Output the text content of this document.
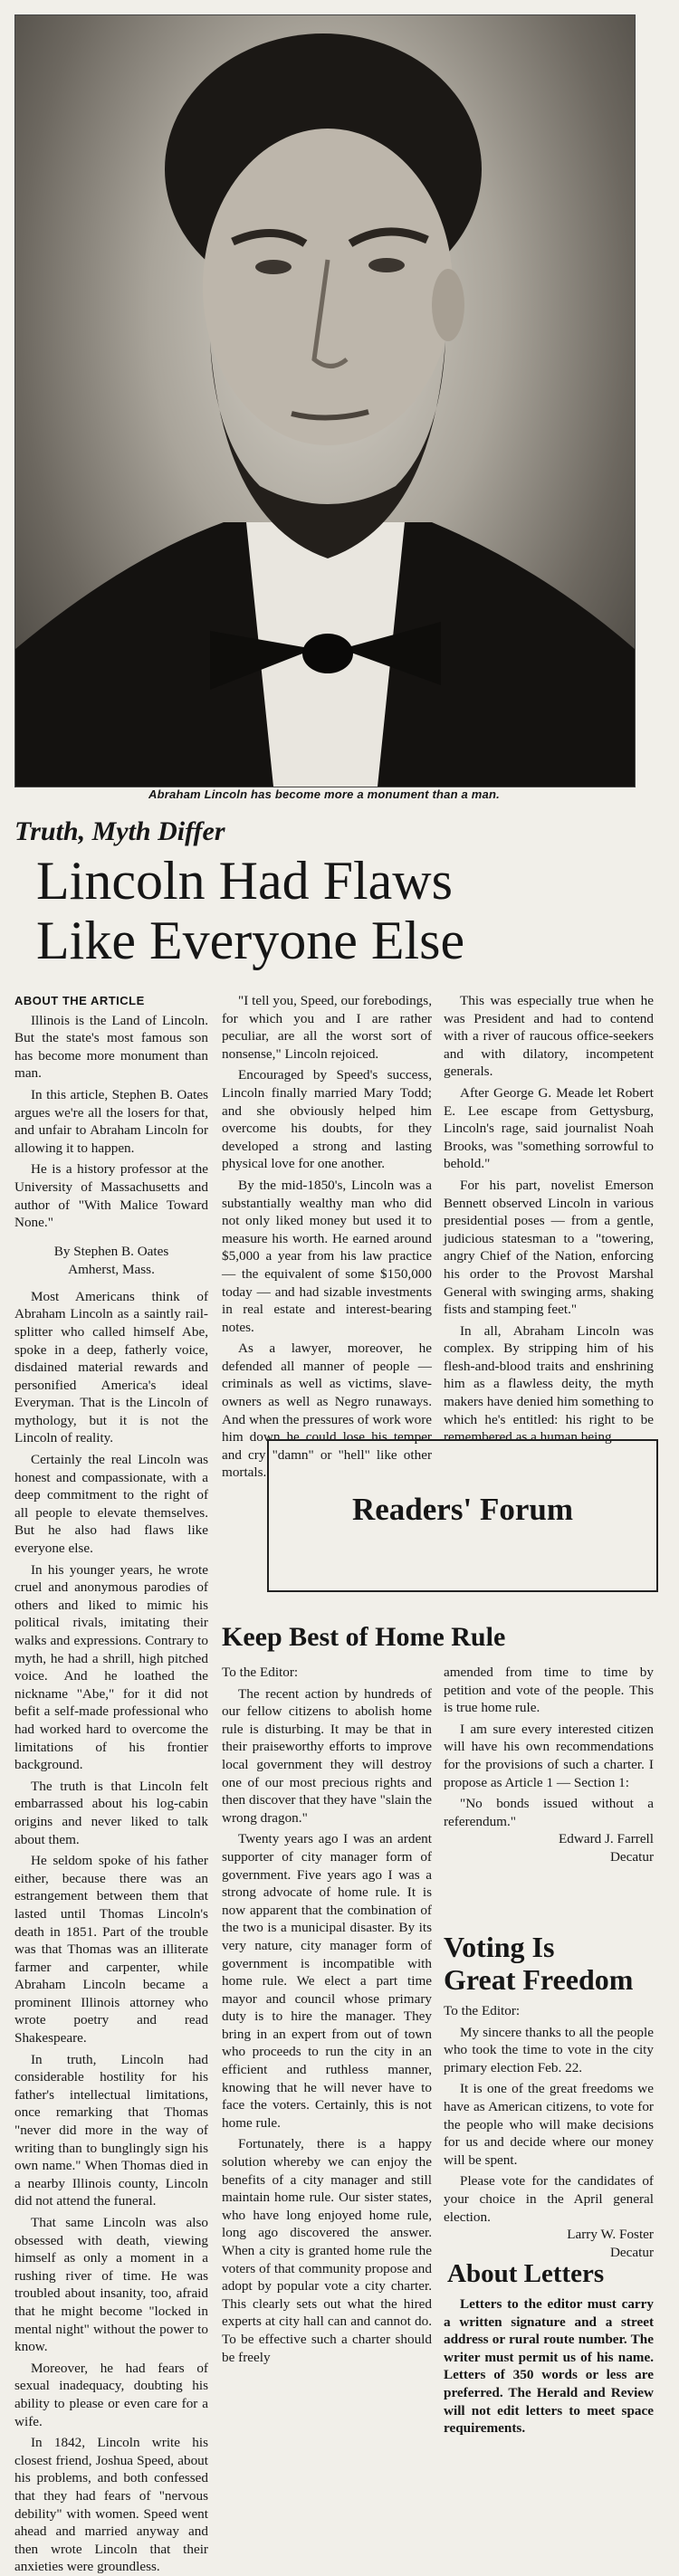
Abraham Lincoln has become more a monument than a man.
Truth, Myth Differ
Lincoln Had Flaws
Like Everyone Else
ABOUT THE ARTICLE

Illinois is the Land of Lincoln. But the state's most famous son has become more monument than man.

In this article, Stephen B. Oates argues we're all the losers for that, and unfair to Abraham Lincoln for allowing it to happen.

He is a history professor at the University of Massachusetts and author of "With Malice Toward None."

By Stephen B. Oates
Amherst, Mass.

Most Americans think of Abraham Lincoln as a saintly rail-splitter who called himself Abe, spoke in a deep, fatherly voice, disdained material rewards and personified America's ideal Everyman. That is the Lincoln of mythology, but it is not the Lincoln of reality.

Certainly the real Lincoln was honest and compassionate, with a deep commitment to the right of all people to elevate themselves. But he also had flaws like everyone else.

In his younger years, he wrote cruel and anonymous parodies of others and liked to mimic his political rivals, imitating their walks and expressions. Contrary to myth, he had a shrill, high pitched voice. And he loathed the nickname "Abe," for it did not befit a self-made professional who had worked hard to overcome the limitations of his frontier background.

The truth is that Lincoln felt embarrassed about his log-cabin origins and never liked to talk about them.

He seldom spoke of his father either, because there was an estrangement between them that lasted until Thomas Lincoln's death in 1851. Part of the trouble was that Thomas was an illiterate farmer and carpenter, while Abraham Lincoln became a prominent Illinois attorney who wrote poetry and read Shakespeare.

In truth, Lincoln had considerable hostility for his father's intellectual limitations, once remarking that Thomas "never did more in the way of writing than to bunglingly sign his own name." When Thomas died in a nearby Illinois county, Lincoln did not attend the funeral.

That same Lincoln was also obsessed with death, viewing himself as only a moment in a rushing river of time. He was troubled about insanity, too, afraid that he might become "locked in mental night" without the power to know.

Moreover, he had fears of sexual inadequacy, doubting his ability to please or even care for a wife.

In 1842, Lincoln write his closest friend, Joshua Speed, about his problems, and both confessed that they had fears of "nervous debility" with women. Speed went ahead and married anyway and then wrote Lincoln that their anxieties were groundless.

"I tell you, Speed, our forebodings, for which you and I are rather peculiar, are all the worst sort of nonsense," Lincoln rejoiced.

Encouraged by Speed's success, Lincoln finally married Mary Todd; and she obviously helped him overcome his doubts, for they developed a strong and lasting physical love for one another.

By the mid-1850's, Lincoln was a substantially wealthy man who did not only liked money but used it to measure his worth. He earned around $5,000 a year from his law practice — the equivalent of some $150,000 today — and had sizable investments in real estate and interest-bearing notes.

As a lawyer, moreover, he defended all manner of people — criminals as well as victims, slave-owners as well as Negro runaways. And when the pressures of work wore him down he could lose his temper and cry "damn" or "hell" like other mortals.

This was especially true when he was President and had to contend with a river of raucous office-seekers and with dilatory, incompetent generals.

After George G. Meade let Robert E. Lee escape from Gettysburg, Lincoln's rage, said journalist Noah Brooks, was "something sorrowful to behold."

For his part, novelist Emerson Bennett observed Lincoln in various presidential poses — from a gentle, judicious statesman to a "towering, angry Chief of the Nation, enforcing his order to the Provost Marshal General with swinging arms, shaking fists and stamping feet."

In all, Abraham Lincoln was complex. By stripping him of his flesh-and-blood traits and enshrining him as a flawless deity, the myth makers have denied him something to which he's entitled: his right to be remembered as a human being.

Readers' Forum
Keep Best of Home Rule

To the Editor:

The recent action by hundreds of our fellow citizens to abolish home rule is disturbing. It may be that in their praiseworthy efforts to improve local government they will destroy one of our most precious rights and then discover that they have "slain the wrong dragon."

Twenty years ago I was an ardent supporter of city manager form of government. Five years ago I was a strong advocate of home rule. It is now apparent that the combination of the two is a municipal disaster. By its very nature, city manager form of government is incompatible with home rule. We elect a part time mayor and council whose primary duty is to hire the manager. They bring in an expert from out of town who proceeds to run the city in an efficient and ruthless manner, knowing that he will never have to face the voters. Certainly, this is not home rule.

Fortunately, there is a happy solution whereby we can enjoy the benefits of a city manager and still maintain home rule. Our sister states, who have long enjoyed home rule, long ago discovered the answer. When a city is granted home rule the voters of that community propose and adopt by popular vote a city charter. This clearly sets out what the hired experts at city hall can and cannot do. To be effective such a charter should be freely

amended from time to time by petition and vote of the people. This is true home rule.

I am sure every interested citizen will have his own recommendations for the provisions of such a charter. I propose as Article 1 — Section 1:

"No bonds issued without a referendum."

Edward J. Farrell

Decatur

Voting Is
Great Freedom

To the Editor:

My sincere thanks to all the people who took the time to vote in the city primary election Feb. 22.

It is one of the great freedoms we have as American citizens, to vote for the people who will make decisions for us and decide where our money will be spent.

Please vote for the candidates of your choice in the April general election.

Larry W. Foster

Decatur

About Letters

Letters to the editor must carry a written signature and a street address or rural route number. The writer must permit us of his name. Letters of 350 words or less are preferred. The Herald and Review will not edit letters to meet space requirements.
